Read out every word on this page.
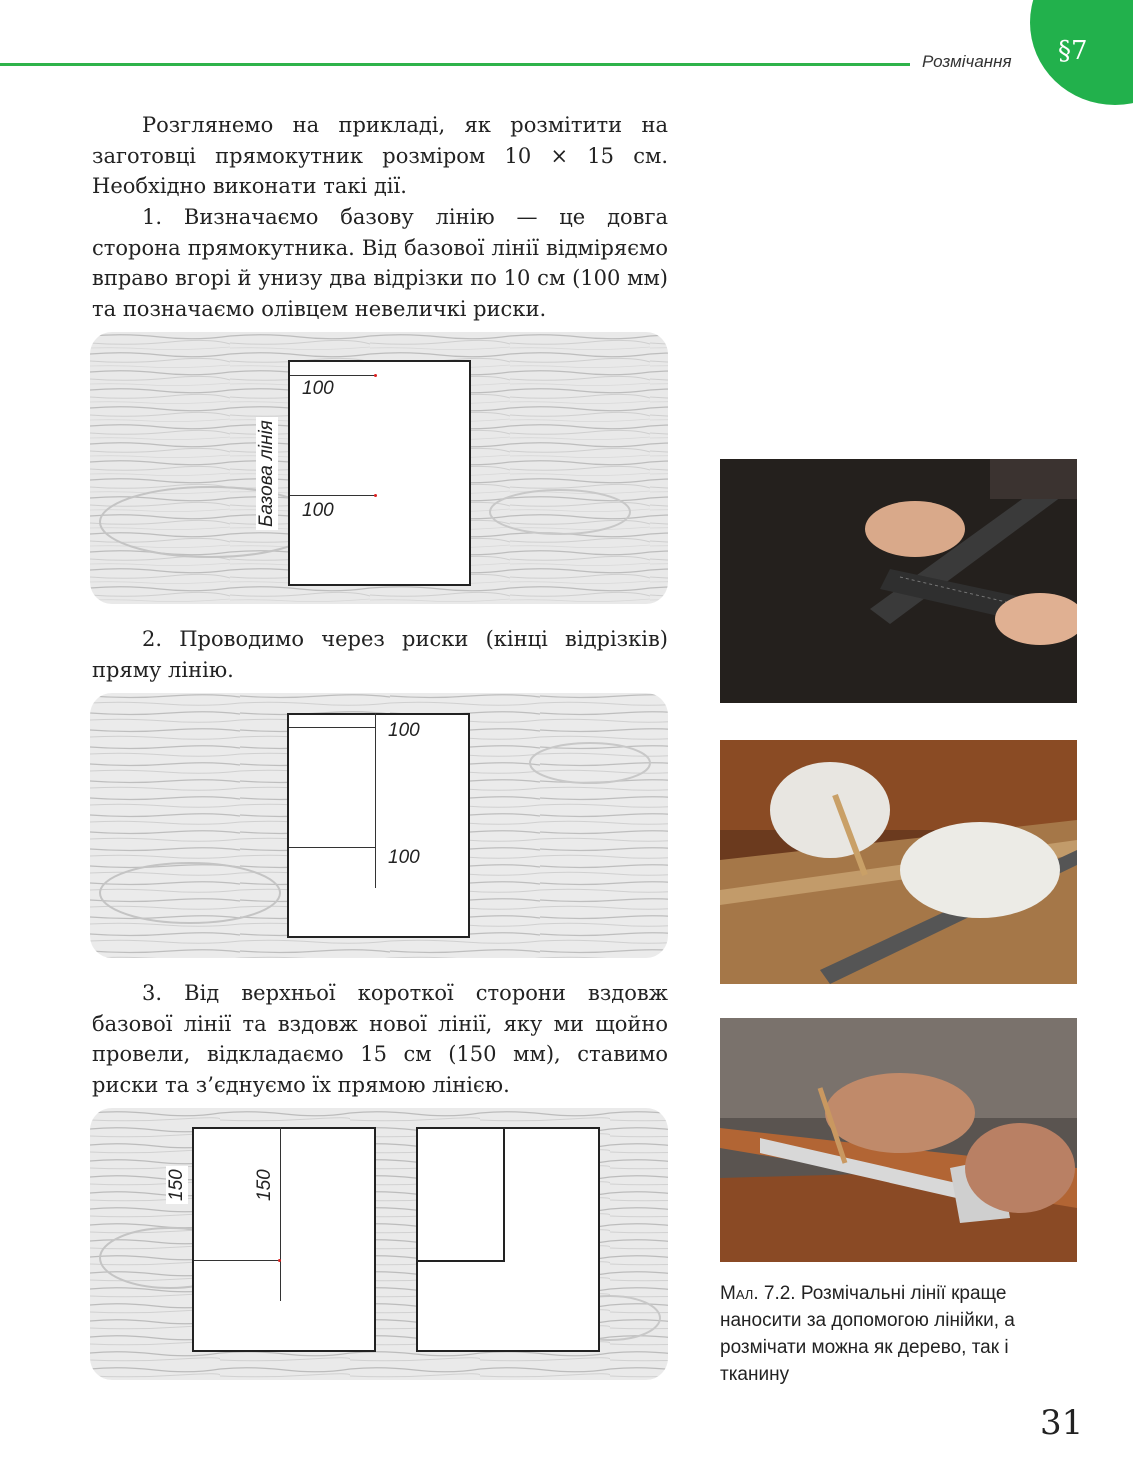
Розмічання §7

Розглянемо на прикладі, як розмітити на заготовці прямокутник розміром 10 × 15 см. Необхідно виконати такі дії.

1. Визначаємо базову лінію — це довга сторона прямокутника. Від базової лінії відміряємо вправо вгорі й унизу два відрізки по 10 см (100 мм) та позначаємо олівцем невеличкі риски.

100
100
Базова лінія

2. Проводимо через риски (кінці відрізків) пряму лінію.

100
100

3. Від верхньої короткої сторони вздовж базової лінії та вздовж нової лінії, яку ми щойно провели, відкладаємо 15 см (150 мм), ставимо риски та з’єднуємо їх прямою лінією.

150	150
Мал. 7.2. Розмічальні лінії краще наносити за допомогою лінійки, а розмічати можна як дерево, так і тканину
31
